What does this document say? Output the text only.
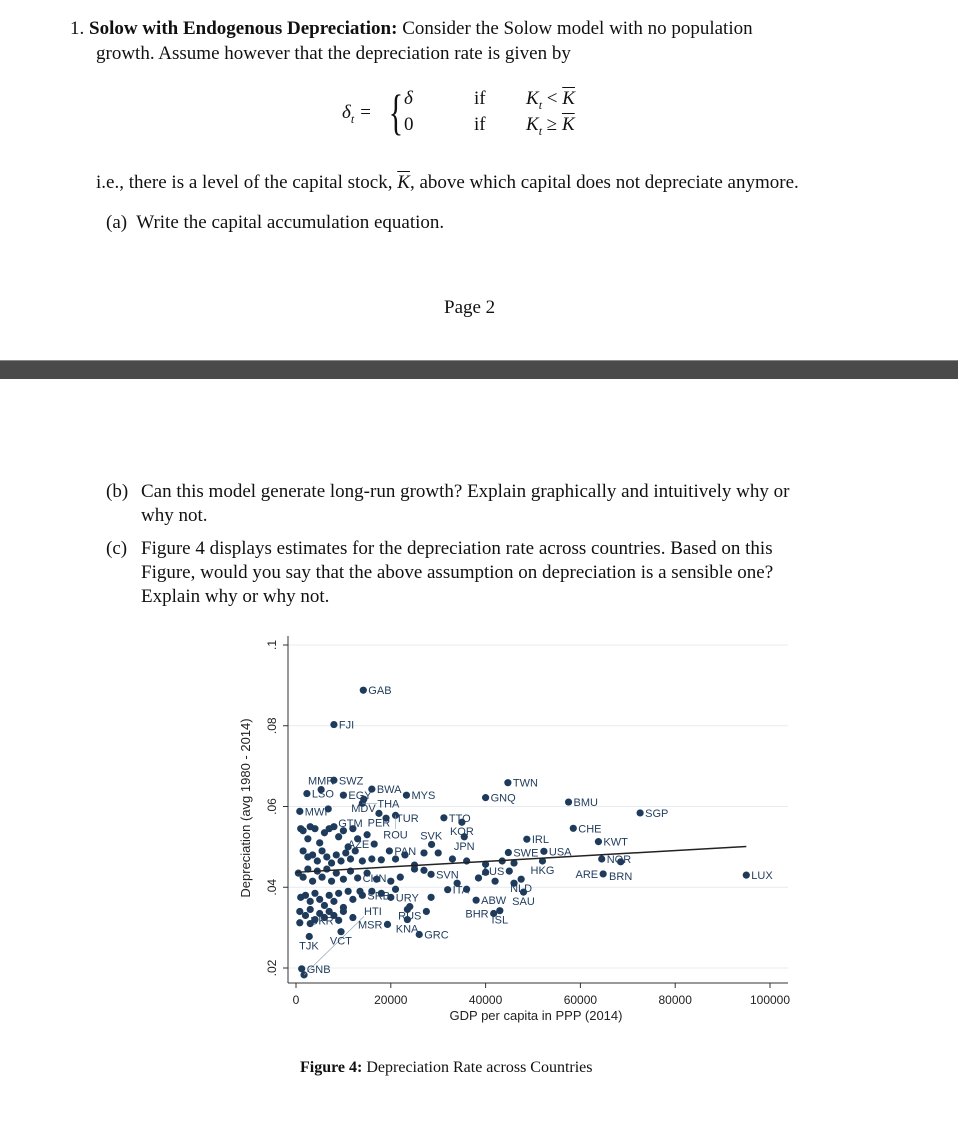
1. Solow with Endogenous Depreciation: Consider the Solow model with no population
growth. Assume however that the depreciation rate is given by
$\delta_t$ = { δ	if $K_t < \overline{K}$
0	if $K_t \ge \overline{K}$
i.e., there is a level of the capital stock, $\overline{K}$, above which capital does not depreciate anymore.
(a) Write the capital accumulation equation.
Page 2
(b) Can this model generate long-run growth? Explain graphically and intuitively why or
why not.
(c) Figure 4 displays estimates for the depreciation rate across countries. Based on this
Figure, would you say that the above assumption on depreciation is a sensible one?
Explain why or why not.
Depreciation (avg 1980 - 2014)
GDP per capita in PPP (2014)
.02
.04
.06
.08
.1
0	20000	40000	60000	80000	100000
GAB
FJI
SWZ
MMR
LSO EGY
BWA
MDV THA
MYS
MWI
GTM PER TUR
ROU
TWN
GNQ	BMU
SGP
TTO
KOR
JPN
CHE
IRL	KWT
SVK
AZE
PAN	SWE USA
HKG
NOR
BRN
ARE	LUX
AUS
NLD
SVN
CHN
SAU
ABW
URY
SRB
RUS
ITA
ISL
BHR
KNA
MSR
UKR
GRC
VCT
TJK
GNB
HTI
Figure 4: Depreciation Rate across Countries
